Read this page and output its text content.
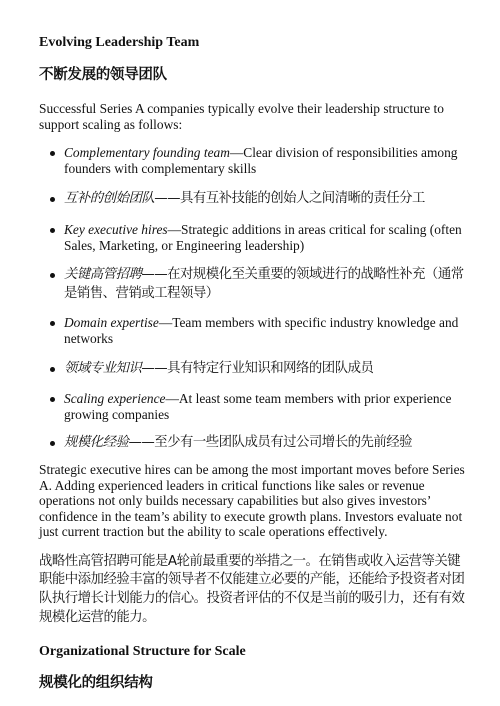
Evolving Leadership Team
不断发展的领导团队

Successful Series A companies typically evolve their leadership structure to support scaling as follows:

Complementary founding team—Clear division of responsibilities among founders with complementary skills
互补的创始团队——具有互补技能的创始人之间清晰的责任分工
Key executive hires—Strategic additions in areas critical for scaling (often Sales, Marketing, or Engineering leadership)
关键高管招聘——在对规模化至关重要的领域进行的战略性补充（通常是销售、营销或工程领导）
Domain expertise—Team members with specific industry knowledge and networks
领域专业知识——具有特定行业知识和网络的团队成员
Scaling experience—At least some team members with prior experience growing companies
规模化经验——至少有一些团队成员有过公司增长的先前经验

Strategic executive hires can be among the most important moves before Series A. Adding experienced leaders in critical functions like sales or revenue operations not only builds necessary capabilities but also gives investors’ confidence in the team’s ability to execute growth plans. Investors evaluate not just current traction but the ability to scale operations effectively.

战略性高管招聘可能是A轮前最重要的举措之一。在销售或收入运营等关键职能中添加经验丰富的领导者不仅能建立必要的产能，还能给予投资者对团队执行增长计划能力的信心。投资者评估的不仅是当前的吸引力，还有有效规模化运营的能力。

Organizational Structure for Scale
规模化的组织结构
